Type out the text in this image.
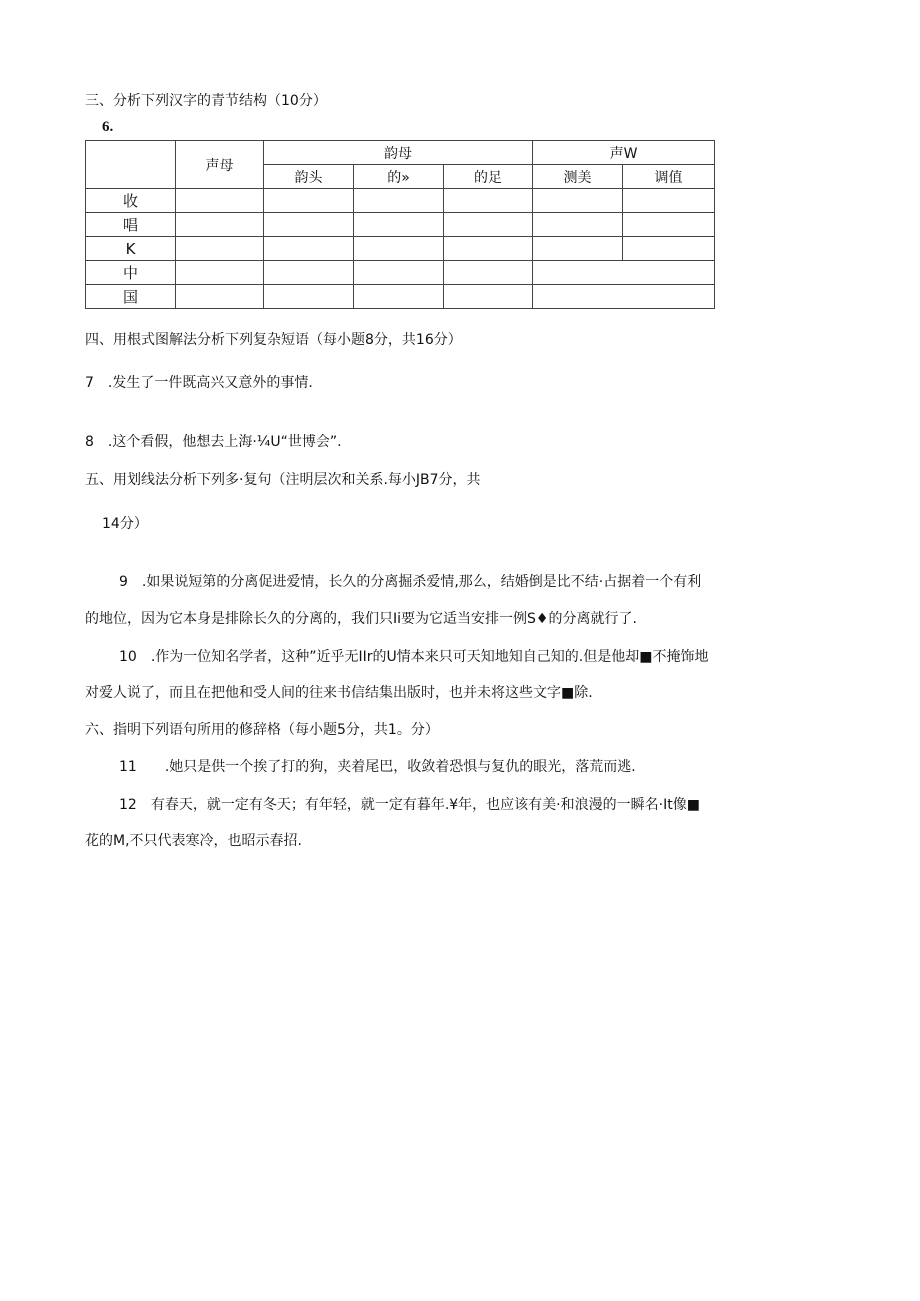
三、分析下列汉字的青节结构（10分）
6.
	声母	韵母			声W	
		韵头	的»	的足	测美	调值
收						
唱						
K						
中						
国						
四、用根式图解法分析下列复杂短语（每小题8分，共16分）
7　.发生了一件既高兴又意外的事情.
8　.这个看假，他想去上海·¼U“世博会”.
五、用划线法分析下列多·复句（注明层次和关系.每小JB7分，共
14分）
9　.如果说短第的分离促进爱情，长久的分离掘杀爱情,那么，结婚倒是比不结·占据着一个有利
的地位，因为它本身是排除长久的分离的，我们只Ii要为它适当安排一例S♦的分离就行了.
10　.作为一位知名学者，这种”近乎无IIr的U情本来只可天知地知自己知的.但是他却■不掩饰地
对爱人说了，而且在把他和受人间的往来书信结集出版时，也并未将这些文字■除.
六、指明下列语句所用的修辞格（每小题5分，共1。分）
11　　.她只是供一个挨了打的狗，夹着尾巴，收敛着恐惧与复仇的眼光，落荒而逃.
12　有春天，就一定有冬天；有年轻，就一定有暮年.¥年，也应该有美·和浪漫的一瞬名·It像■
花的M,不只代表寒冷，也昭示春招.
